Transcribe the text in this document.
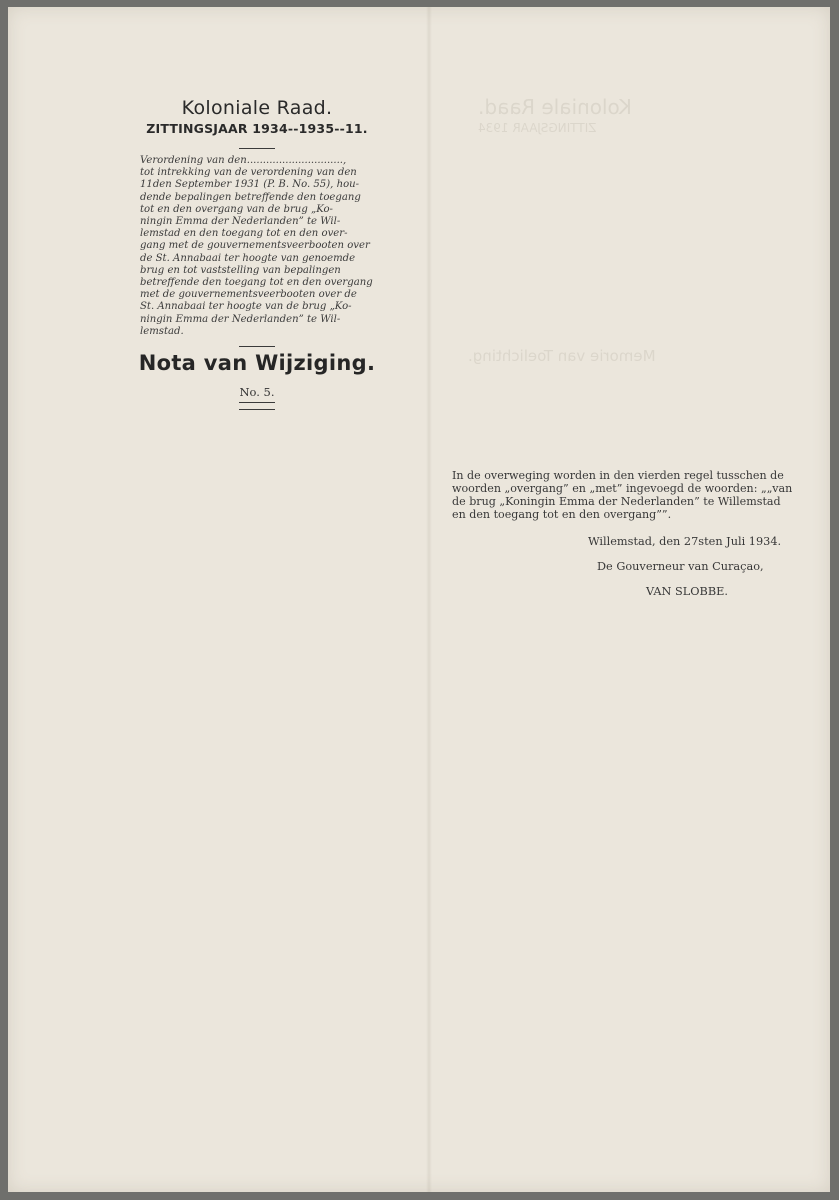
Koloniale Raad.
ZITTINGSJAAR 1934
Memorie van Toelichting.
Koloniale Raad.
ZITTINGSJAAR 1934--1935--11.
Verordening van den..............................,
tot intrekking van de verordening van den
11den September 1931 (P. B. No. 55), hou-
dende bepalingen betreffende den toegang
tot en den overgang van de brug „Ko-
ningin Emma der Nederlanden” te Wil-
lemstad en den toegang tot en den over-
gang met de gouvernementsveerbooten over
de St. Annabaai ter hoogte van genoemde
brug en tot vaststelling van bepalingen
betreffende den toegang tot en den overgang
met de gouvernementsveerbooten over de
St. Annabaai ter hoogte van de brug „Ko-
ningin Emma der Nederlanden” te Wil-
lemstad.
Nota van Wijziging.
No. 5.
In de overweging worden in den vierden regel tusschen de
woorden „overgang” en „met” ingevoegd de woorden: „„van
de brug „Koningin Emma der Nederlanden” te Willemstad
en den toegang tot en den overgang””.
Willemstad, den 27sten Juli 1934.
De Gouverneur van Curaçao,
VAN SLOBBE.
